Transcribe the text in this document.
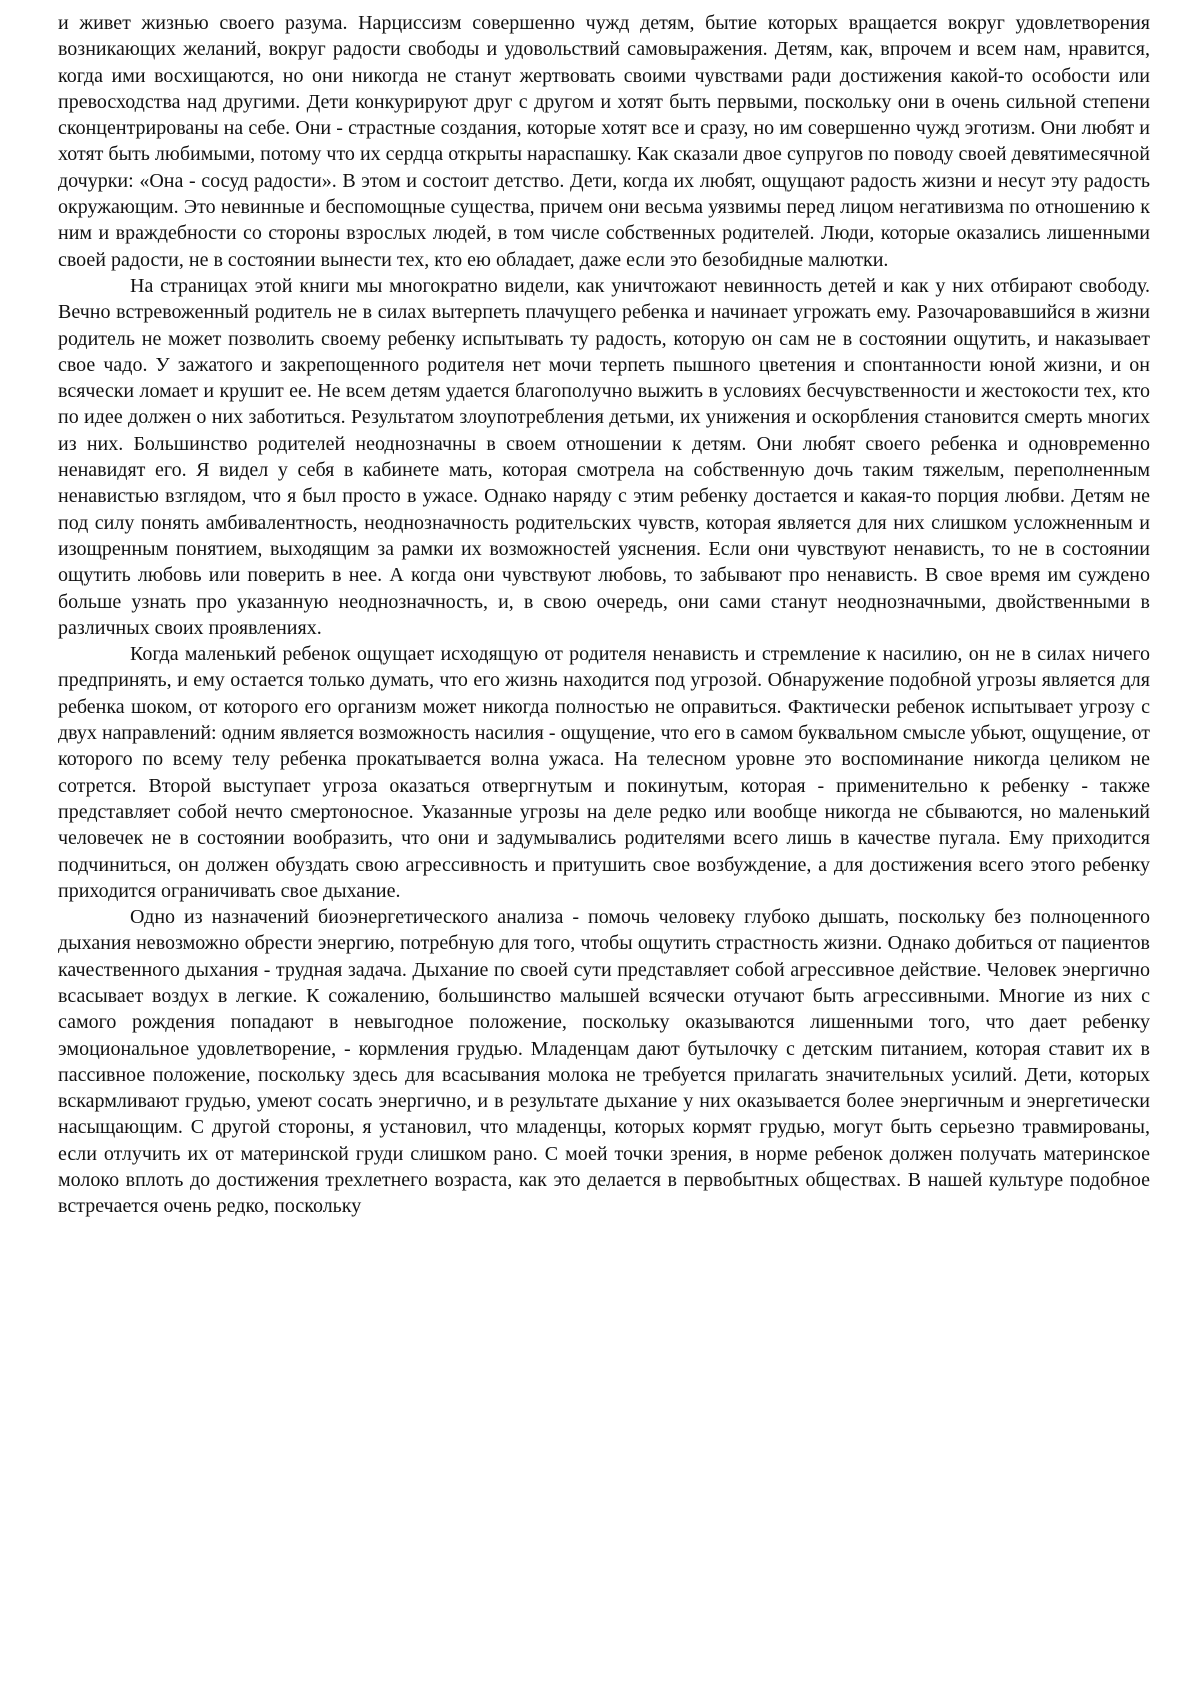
и живет жизнью своего разума. Нарциссизм совершенно чужд детям, бытие которых вращается вокруг удовлетворения возникающих желаний, вокруг радости свободы и удовольствий самовыражения. Детям, как, впрочем и всем нам, нравится, когда ими восхищаются, но они никогда не станут жертвовать своими чувствами ради достижения какой-то особости или превосходства над другими. Дети конкурируют друг с другом и хотят быть первыми, поскольку они в очень сильной степени сконцентрированы на себе. Они - страстные создания, которые хотят все и сразу, но им совершенно чужд эготизм. Они любят и хотят быть любимыми, потому что их сердца открыты нараспашку. Как сказали двое супругов по поводу своей девятимесячной дочурки: «Она - сосуд радости». В этом и состоит детство. Дети, когда их любят, ощущают радость жизни и несут эту радость окружающим. Это невинные и беспомощные существа, причем они весьма уязвимы перед лицом негативизма по отношению к ним и враждебности со стороны взрослых людей, в том числе собственных родителей. Люди, которые оказались лишенными своей радости, не в состоянии вынести тех, кто ею обладает, даже если это безобидные малютки.

На страницах этой книги мы многократно видели, как уничтожают невинность детей и как у них отбирают свободу. Вечно встревоженный родитель не в силах вытерпеть плачущего ребенка и начинает угрожать ему. Разочаровавшийся в жизни родитель не может позволить своему ребенку испытывать ту радость, которую он сам не в состоянии ощутить, и наказывает свое чадо. У зажатого и закрепощенного родителя нет мочи терпеть пышного цветения и спонтанности юной жизни, и он всячески ломает и крушит ее. Не всем детям удается благополучно выжить в условиях бесчувственности и жестокости тех, кто по идее должен о них заботиться. Результатом злоупотребления детьми, их унижения и оскорбления становится смерть многих из них. Большинство родителей неоднозначны в своем отношении к детям. Они любят своего ребенка и одновременно ненавидят его. Я видел у себя в кабинете мать, которая смотрела на собственную дочь таким тяжелым, переполненным ненавистью взглядом, что я был просто в ужасе. Однако наряду с этим ребенку достается и какая-то порция любви. Детям не под силу понять амбивалентность, неоднозначность родительских чувств, которая является для них слишком усложненным и изощренным понятием, выходящим за рамки их возможностей уяснения. Если они чувствуют ненависть, то не в состоянии ощутить любовь или поверить в нее. А когда они чувствуют любовь, то забывают про ненависть. В свое время им суждено больше узнать про указанную неоднозначность, и, в свою очередь, они сами станут неоднозначными, двойственными в различных своих проявлениях.

Когда маленький ребенок ощущает исходящую от родителя ненависть и стремление к насилию, он не в силах ничего предпринять, и ему остается только думать, что его жизнь находится под угрозой. Обнаружение подобной угрозы является для ребенка шоком, от которого его организм может никогда полностью не оправиться. Фактически ребенок испытывает угрозу с двух направлений: одним является возможность насилия - ощущение, что его в самом буквальном смысле убьют, ощущение, от которого по всему телу ребенка прокатывается волна ужаса. На телесном уровне это воспоминание никогда целиком не сотрется. Второй выступает угроза оказаться отвергнутым и покинутым, которая - применительно к ребенку - также представляет собой нечто смертоносное. Указанные угрозы на деле редко или вообще никогда не сбываются, но маленький человечек не в состоянии вообразить, что они и задумывались родителями всего лишь в качестве пугала. Ему приходится подчиниться, он должен обуздать свою агрессивность и притушить свое возбуждение, а для достижения всего этого ребенку приходится ограничивать свое дыхание.

Одно из назначений биоэнергетического анализа - помочь человеку глубоко дышать, поскольку без полноценного дыхания невозможно обрести энергию, потребную для того, чтобы ощутить страстность жизни. Однако добиться от пациентов качественного дыхания - трудная задача. Дыхание по своей сути представляет собой агрессивное действие. Человек энергично всасывает воздух в легкие. К сожалению, большинство малышей всячески отучают быть агрессивными. Многие из них с самого рождения попадают в невыгодное положение, поскольку оказываются лишенными того, что дает ребенку эмоциональное удовлетворение, - кормления грудью. Младенцам дают бутылочку с детским питанием, которая ставит их в пассивное положение, поскольку здесь для всасывания молока не требуется прилагать значительных усилий. Дети, которых вскармливают грудью, умеют сосать энергично, и в результате дыхание у них оказывается более энергичным и энергетически насыщающим. С другой стороны, я установил, что младенцы, которых кормят грудью, могут быть серьезно травмированы, если отлучить их от материнской груди слишком рано. С моей точки зрения, в норме ребенок должен получать материнское молоко вплоть до достижения трехлетнего возраста, как это делается в первобытных обществах. В нашей культуре подобное встречается очень редко, поскольку
